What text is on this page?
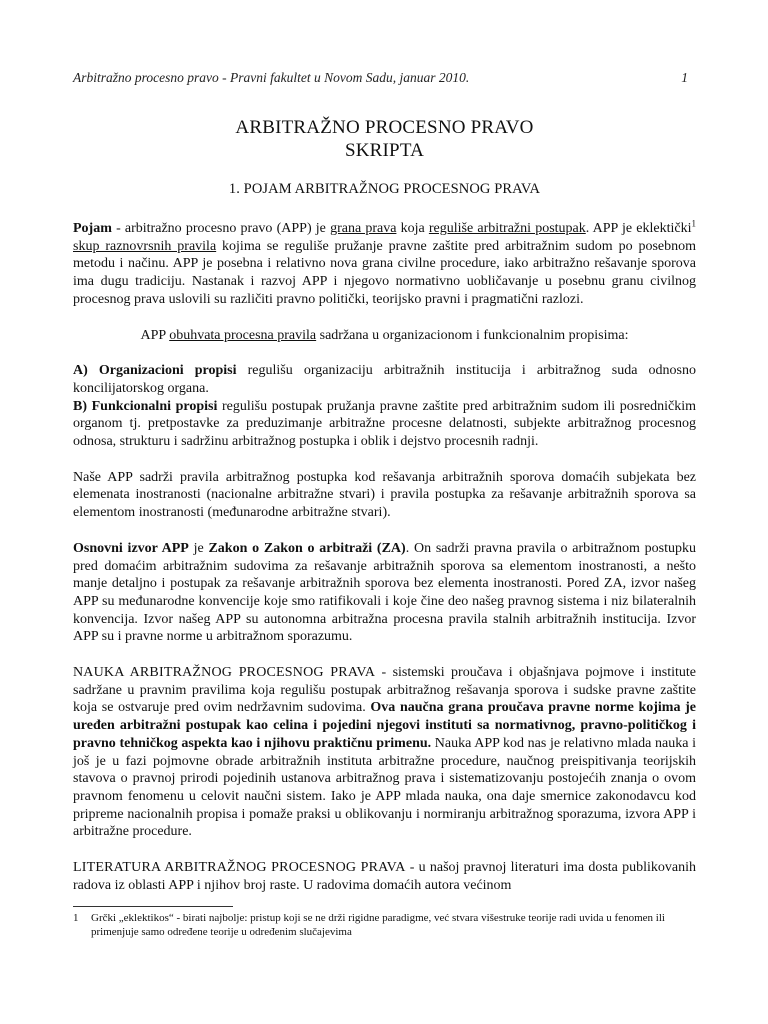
Arbitražno procesno pravo - Pravni fakultet u Novom Sadu, januar 2010.	1
ARBITRAŽNO PROCESNO PRAVO
SKRIPTA
1. POJAM ARBITRAŽNOG PROCESNOG PRAVA

Pojam - arbitražno procesno pravo (APP) je grana prava koja reguliše arbitražni postupak. APP je eklektički$^1$ skup raznovrsnih pravila kojima se reguliše pružanje pravne zaštite pred arbitražnim sudom po posebnom metodu i načinu. APP je posebna i relativno nova grana civilne procedure, iako arbitražno rešavanje sporova ima dugu tradiciju. Nastanak i razvoj APP i njegovo normativno uobličavanje u posebnu granu civilnog procesnog prava uslovili su različiti pravno politički, teorijsko pravni i pragmatični razlozi.

APP obuhvata procesna pravila sadržana u organizacionom i funkcionalnim propisima:

A) Organizacioni propisi regulišu organizaciju arbitražnih institucija i arbitražnog suda odnosno koncilijatorskog organa.

B) Funkcionalni propisi regulišu postupak pružanja pravne zaštite pred arbitražnim sudom ili posredničkim organom tj. pretpostavke za preduzimanje arbitražne procesne delatnosti, subjekte arbitražnog procesnog odnosa, strukturu i sadržinu arbitražnog postupka i oblik i dejstvo procesnih radnji.

Naše APP sadrži pravila arbitražnog postupka kod rešavanja arbitražnih sporova domaćih subjekata bez elemenata inostranosti (nacionalne arbitražne stvari) i pravila postupka za rešavanje arbitražnih sporova sa elementom inostranosti (međunarodne arbitražne stvari).

Osnovni izvor APP je Zakon o Zakon o arbitraži (ZA). On sadrži pravna pravila o arbitražnom postupku pred domaćim arbitražnim sudovima za rešavanje arbitražnih sporova sa elementom inostranosti, a nešto manje detaljno i postupak za rešavanje arbitražnih sporova bez elementa inostranosti. Pored ZA, izvor našeg APP su međunarodne konvencije koje smo ratifikovali i koje čine deo našeg pravnog sistema i niz bilateralnih konvencija. Izvor našeg APP su autonomna arbitražna procesna pravila stalnih arbitražnih institucija. Izvor APP su i pravne norme u arbitražnom sporazumu.

NAUKA ARBITRAŽNOG PROCESNOG PRAVA - sistemski proučava i objašnjava pojmove i institute sadržane u pravnim pravilima koja regulišu postupak arbitražnog rešavanja sporova i sudske pravne zaštite koja se ostvaruje pred ovim nedržavnim sudovima. Ova naučna grana proučava pravne norme kojima je uređen arbitražni postupak kao celina i pojedini njegovi instituti sa normativnog, pravno-političkog i pravno tehničkog aspekta kao i njihovu praktičnu primenu. Nauka APP kod nas je relativno mlada nauka i još je u fazi pojmovne obrade arbitražnih instituta arbitražne procedure, naučnog preispitivanja teorijskih stavova o pravnoj prirodi pojedinih ustanova arbitražnog prava i sistematizovanju postojećih znanja o ovom pravnom fenomenu u celovit naučni sistem. Iako je APP mlada nauka, ona daje smernice zakonodavcu kod pripreme nacionalnih propisa i pomaže praksi u oblikovanju i normiranju arbitražnog sporazuma, izvora APP i arbitražne procedure.

LITERATURA ARBITRAŽNOG PROCESNOG PRAVA - u našoj pravnoj literaturi ima dosta publikovanih radova iz oblasti APP i njihov broj raste. U radovima domaćih autora većinom

1	Grčki „eklektikos“ - birati najbolje: pristup koji se ne drži rigidne paradigme, već stvara višestruke teorije radi uvida u fenomen ili primenjuje samo određene teorije u određenim slučajevima
